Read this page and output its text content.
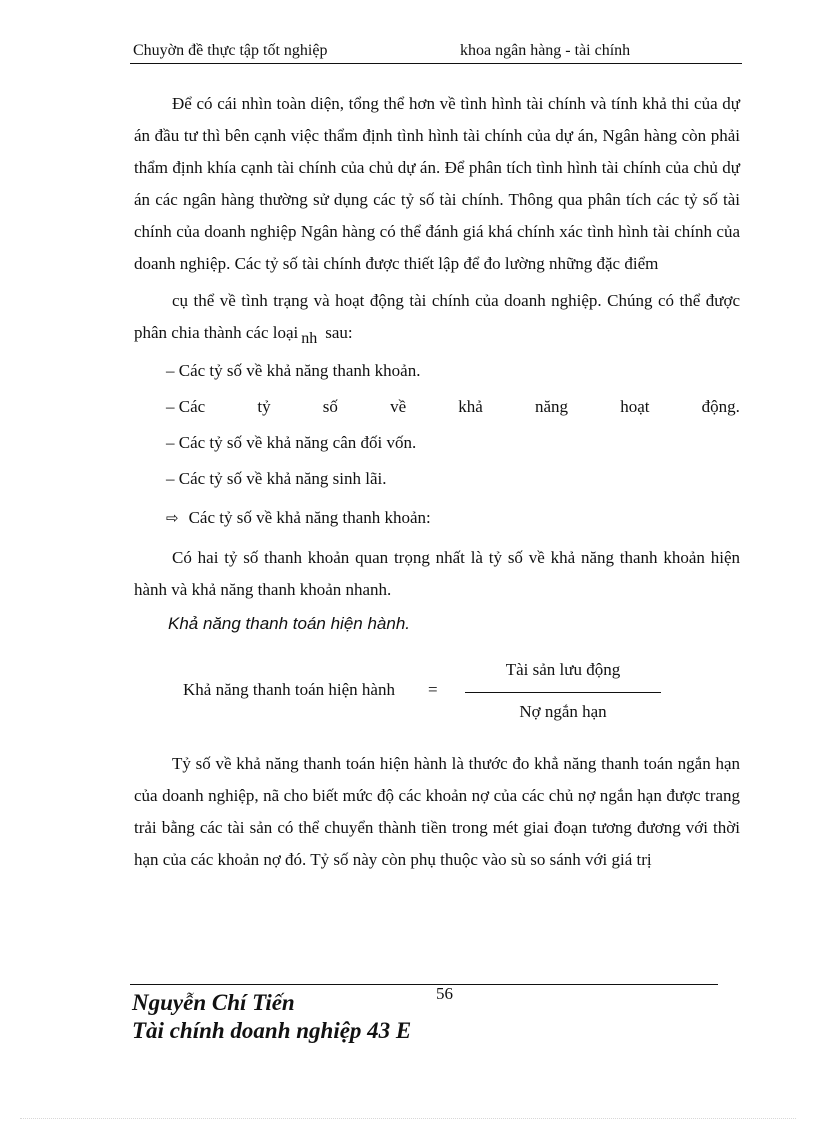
Chuyờn đề thực tập tốt nghiệp	khoa ngân hàng - tài chính
Để có cái nhìn toàn diện, tổng thể hơn về tình hình tài chính và tính khả thi của dự án đầu tư thì bên cạnh việc thẩm định tình hình tài chính của dự án, Ngân hàng còn phải thẩm định khía cạnh tài chính của chủ dự án. Để phân tích tình hình tài chính của chủ dự án các ngân hàng thường sử dụng các tỷ số tài chính. Thông qua phân tích các tỷ số tài chính của doanh nghiệp Ngân hàng có thể đánh giá khá chính xác tình hình tài chính của doanh nghiệp. Các tỷ số tài chính được thiết lập để đo lường những đặc điểm
cụ thể về tình trạng và hoạt động tài chính của doanh nghiệp. Chúng có thể được
phân chia thành các loại nh sau:
– Các tỷ số về khả năng thanh khoản.
– Các	tỷ	số	về	khả	năng	hoạt	động.
– Các tỷ số về khả năng cân đối vốn.
– Các tỷ số về khả năng sinh lãi.
⇨ Các tỷ số về khả năng thanh khoản:
Có hai tỷ số thanh khoản quan trọng nhất là tỷ số về khả năng thanh khoản hiện hành và khả năng thanh khoản nhanh.
Khả năng thanh toán hiện hành.
Khả năng thanh toán hiện hành =
Tài sản lưu động
Nợ ngắn hạn
Tỷ số về khả năng thanh toán hiện hành là thước đo khẳ năng thanh toán ngắn hạn của doanh nghiệp, nã cho biết mức độ các khoản nợ của các chủ nợ ngắn hạn được trang trải bằng các tài sản có thể chuyển thành tiền trong mét giai đoạn tương đương với thời hạn của các khoản nợ đó. Tỷ số này còn phụ thuộc vào sù so sánh với giá trị
56
Nguyễn Chí Tiến
Tài chính doanh nghiệp 43 E
